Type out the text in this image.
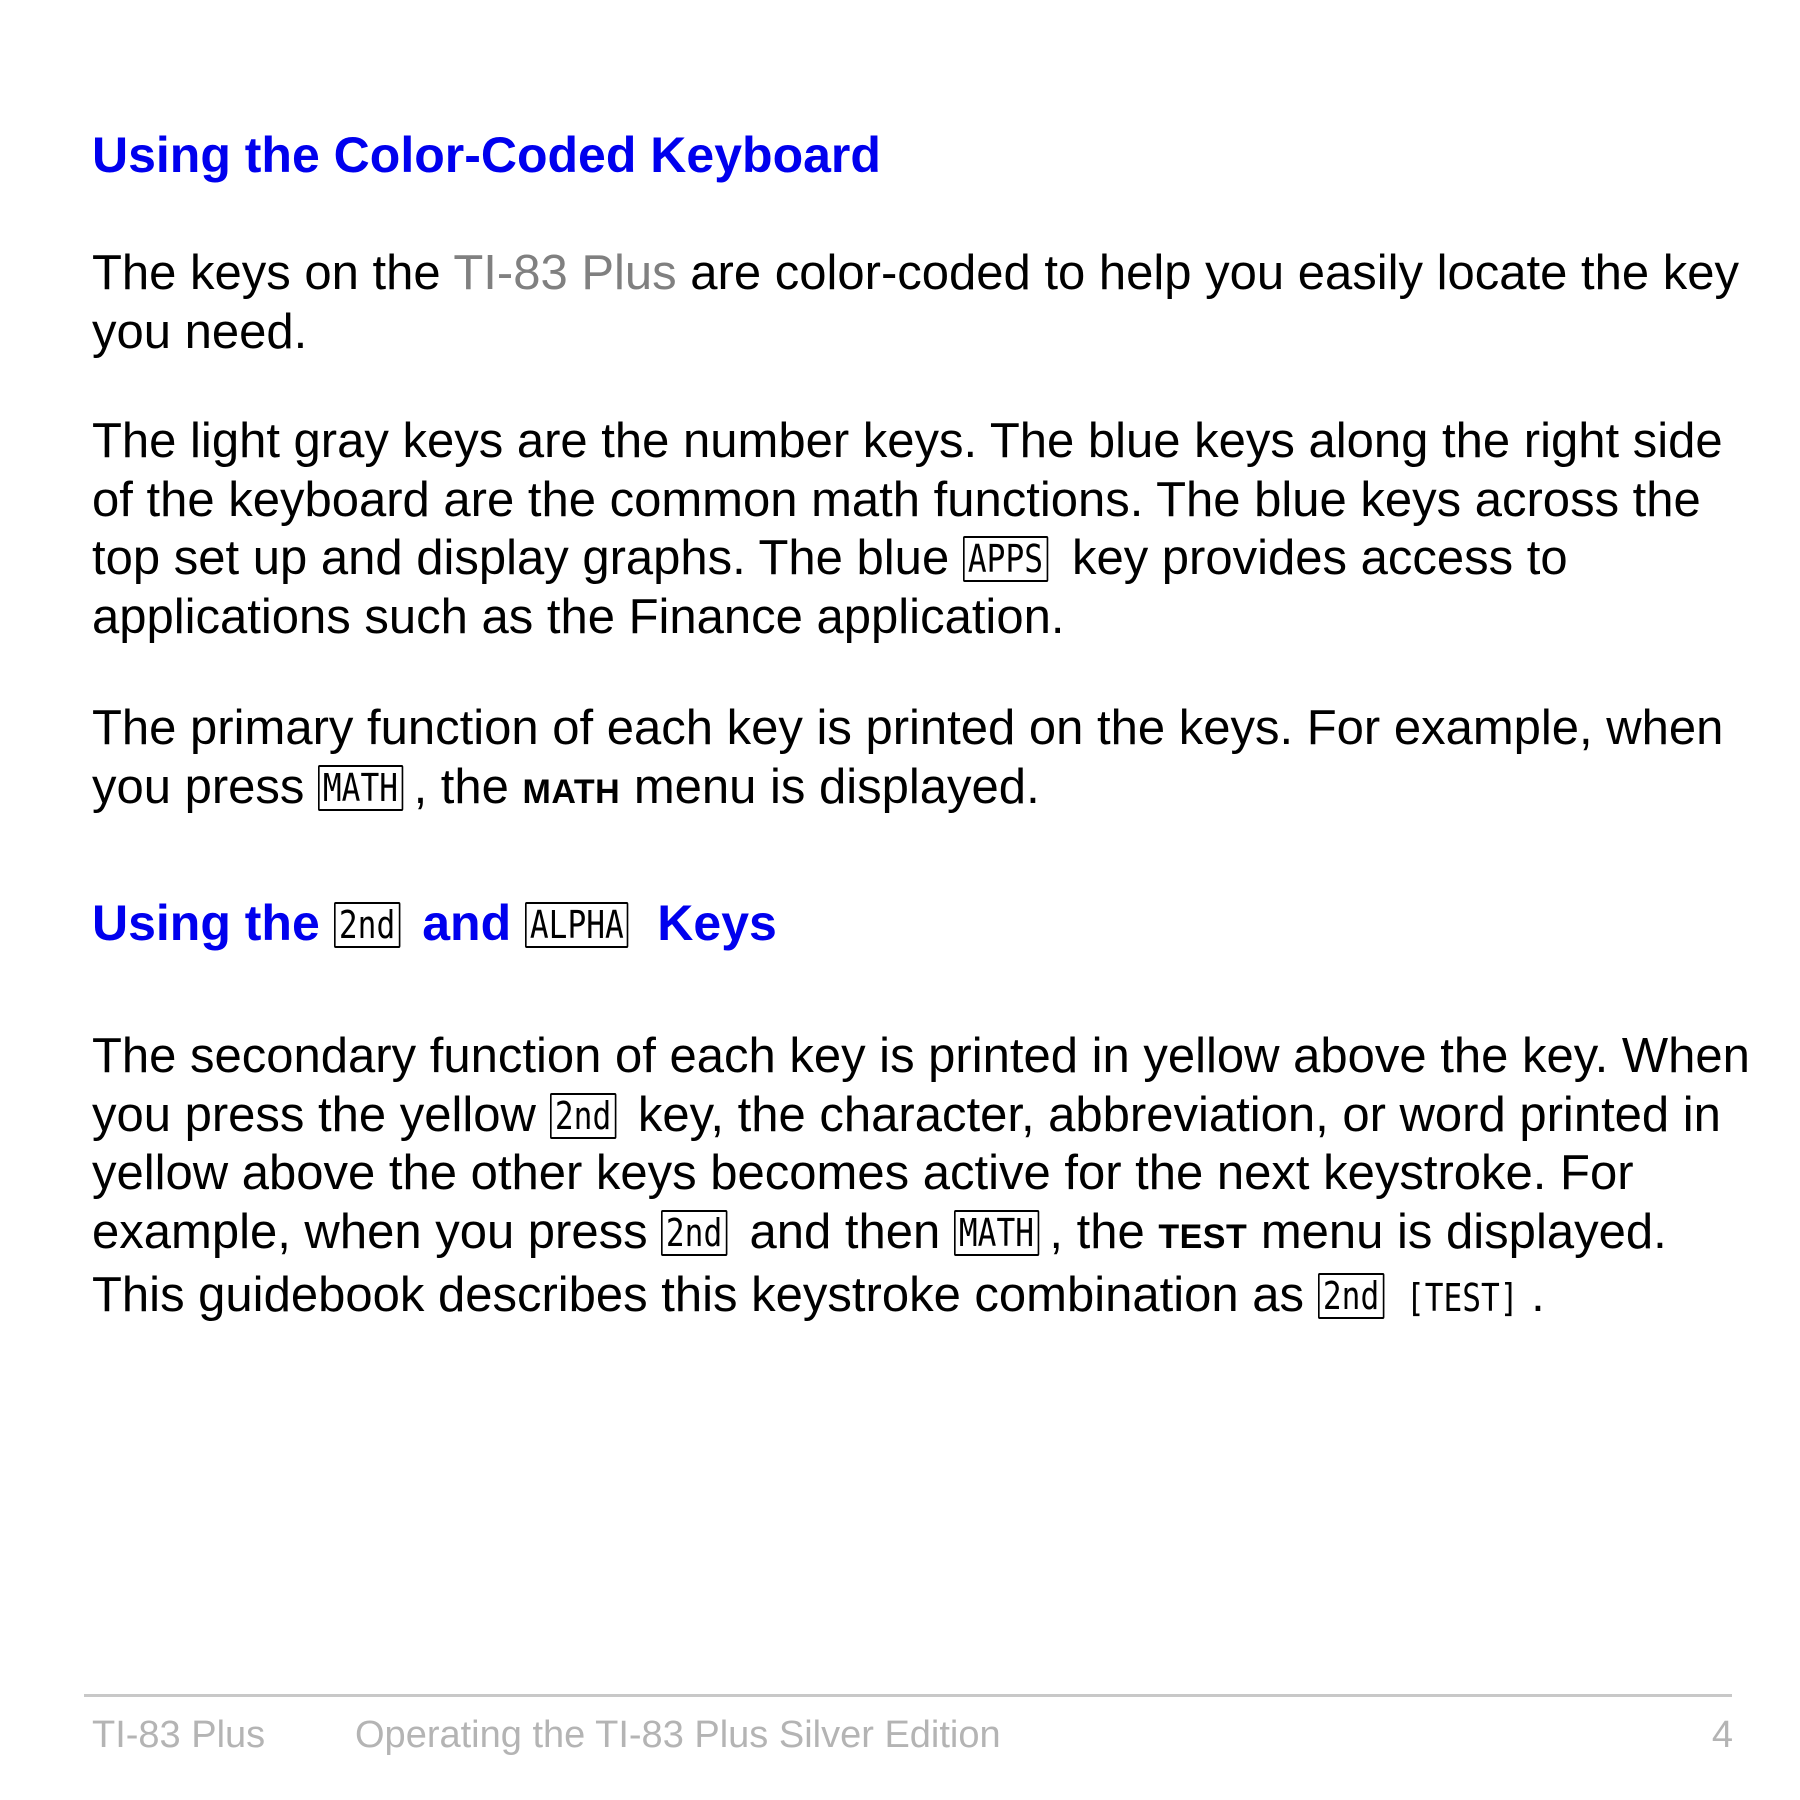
Using the Color-Coded Keyboard

The keys on the TI-83 Plus are color-coded to help you easily locate the key you need.

The light gray keys are the number keys. The blue keys along the right side of the keyboard are the common math functions. The blue keys across the top set up and display graphs. The blue APPS key provides access to applications such as the Finance application.

The primary function of each key is printed on the keys. For example, when you press MATH , the MATH menu is displayed.

Using the 2nd and ALPHA Keys

The secondary function of each key is printed in yellow above the key. When you press the yellow 2nd key, the character, abbreviation, or word printed in yellow above the other keys becomes active for the next keystroke. For example, when you press 2nd and then MATH , the TEST menu is displayed. This guidebook describes this keystroke combination as 2nd [TEST] .

TI-83 Plus Operating the TI-83 Plus Silver Edition	4
